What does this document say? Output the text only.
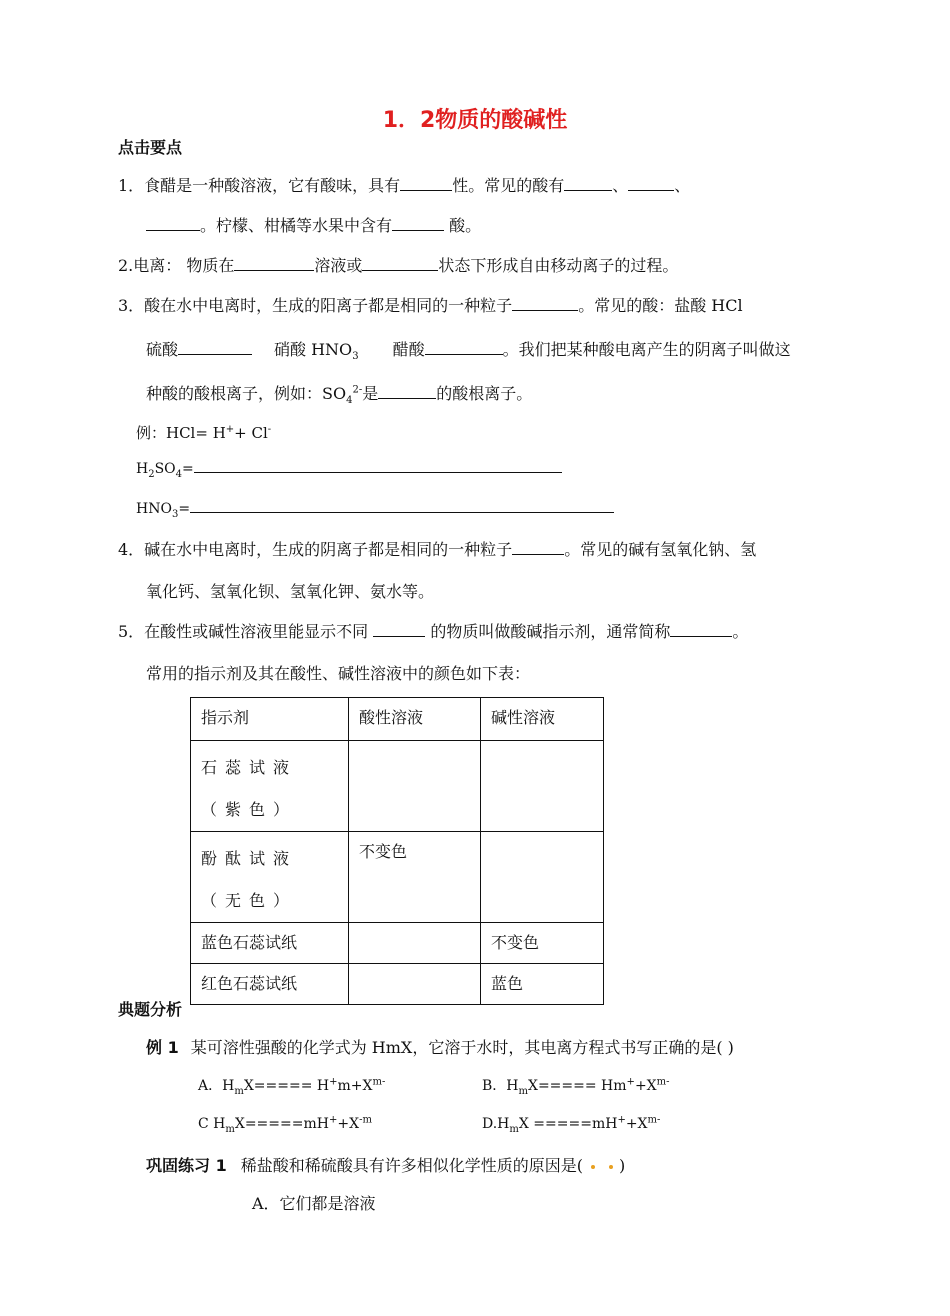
1．2物质的酸碱性
点击要点
1．食醋是一种酸溶液，它有酸味，具有	性。常见的酸有	、	、
。柠檬、柑橘等水果中含有	酸。
2.电离： 物质在	溶液或	状态下形成自由移动离子的过程。
3．酸在水中电离时，生成的阳离子都是相同的一种粒子	。常见的酸：盐酸 HCl
硫酸	硝酸 $HNO_3$ 醋酸	。我们把某种酸电离产生的阴离子叫做这
种酸的酸根离子，例如：$SO_4^{2-}$是	的酸根离子。
例：HCl= H++ Cl-
$H_2SO_4=$
$HNO_3=$
4．碱在水中电离时，生成的阴离子都是相同的一种粒子	。常见的碱有氢氧化钠、氢
氧化钙、氢氧化钡、氢氧化钾、氨水等。
5．在酸性或碱性溶液里能显示不同	的物质叫做酸碱指示剂，通常简称	。
常用的指示剂及其在酸性、碱性溶液中的颜色如下表：
指示剂	酸性溶液	碱性溶液
石蕊试液（紫色）		
酚酞试液（无色）	不变色	
蓝色石蕊试纸		不变色
红色石蕊试纸		蓝色
典题分析
例 1 某可溶性强酸的化学式为 HmX，它溶于水时，其电离方程式书写正确的是( )
A．$H_mX===== H^+m+X^{m-}$	B．$H_mX===== Hm^++X^{m-}$
C $H_mX=====mH^++X^{-m}$	$D.H_mX =====mH^++X^{m-}$
巩固练习 1 稀盐酸和稀硫酸具有许多相似化学性质的原因是( )
A．它们都是溶液
